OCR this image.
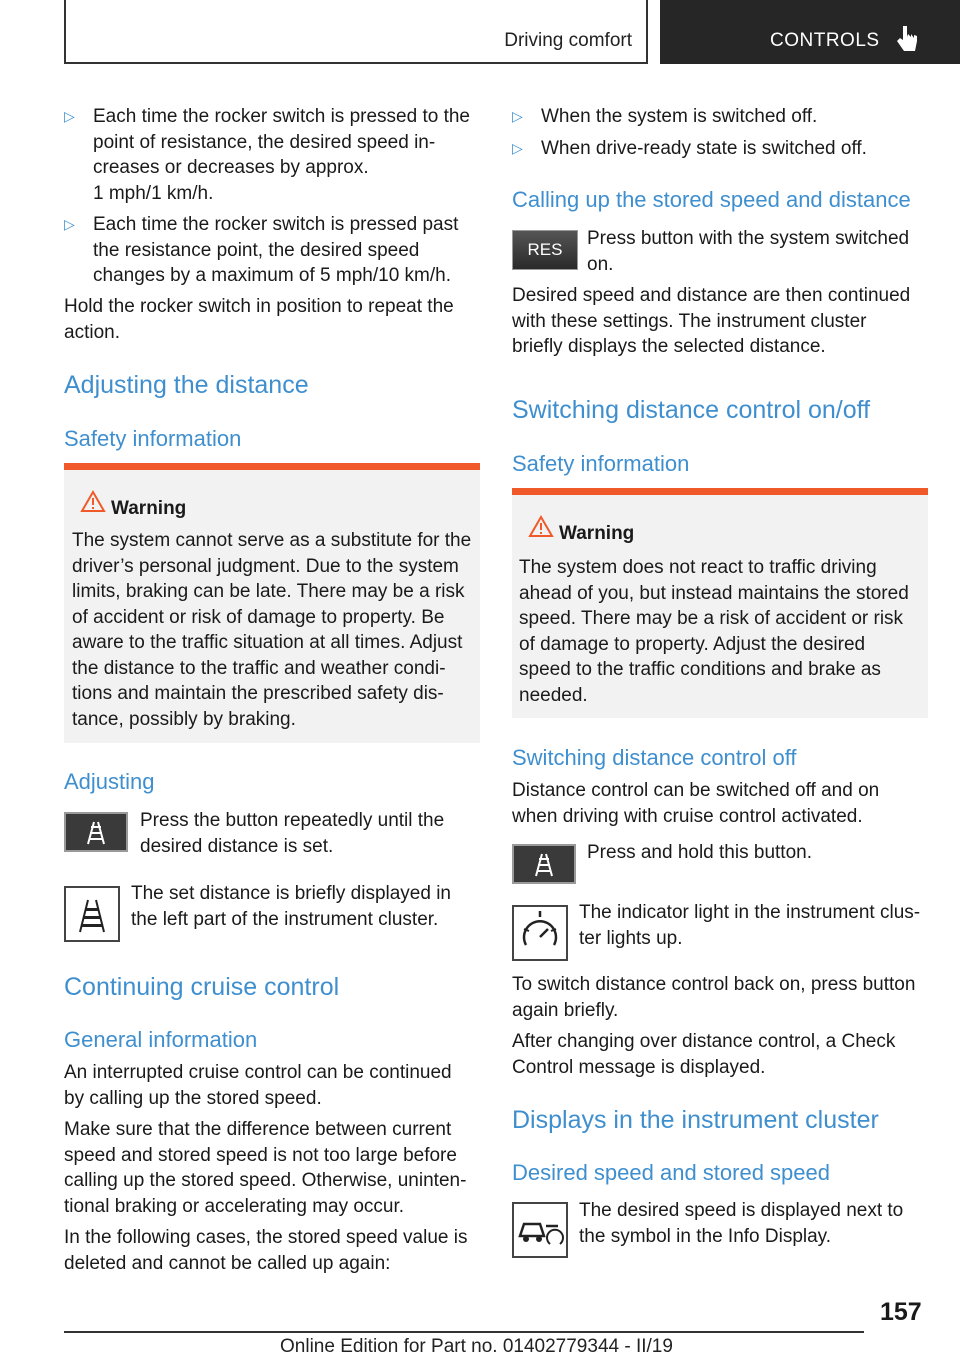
Driving comfort	CONTROLS
▷ Each time the rocker switch is pressed to the
point of resistance, the desired speed in-
creases or decreases by approx.
1 mph/1 km/h.
▷ Each time the rocker switch is pressed past
the resistance point, the desired speed
changes by a maximum of 5 mph/10 km/h.
Hold the rocker switch in position to repeat the
action.
Adjusting the distance
Safety information
Warning
The system cannot serve as a substitute for the
driver’s personal judgment. Due to the system
limits, braking can be late. There may be a risk
of accident or risk of damage to property. Be
aware to the traffic situation at all times. Adjust
the distance to the traffic and weather condi-
tions and maintain the prescribed safety dis-
tance, possibly by braking.
Adjusting
Press the button repeatedly until the
desired distance is set.
The set distance is briefly displayed in
the left part of the instrument cluster.
Continuing cruise control
General information
An interrupted cruise control can be continued
by calling up the stored speed.
Make sure that the difference between current
speed and stored speed is not too large before
calling up the stored speed. Otherwise, uninten-
tional braking or accelerating may occur.
In the following cases, the stored speed value is
deleted and cannot be called up again:
▷ When the system is switched off.
▷ When drive-ready state is switched off.
Calling up the stored speed and distance
RES
Press button with the system switched
on.
Desired speed and distance are then continued
with these settings. The instrument cluster
briefly displays the selected distance.
Switching distance control on/off
Safety information
Warning
The system does not react to traffic driving
ahead of you, but instead maintains the stored
speed. There may be a risk of accident or risk
of damage to property. Adjust the desired
speed to the traffic conditions and brake as
needed.
Switching distance control off
Distance control can be switched off and on
when driving with cruise control activated.
Press and hold this button.
The indicator light in the instrument clus-
ter lights up.
To switch distance control back on, press button
again briefly.
After changing over distance control, a Check
Control message is displayed.
Displays in the instrument cluster
Desired speed and stored speed
The desired speed is displayed next to
the symbol in the Info Display.
157
Online Edition for Part no. 01402779344 - II/19
